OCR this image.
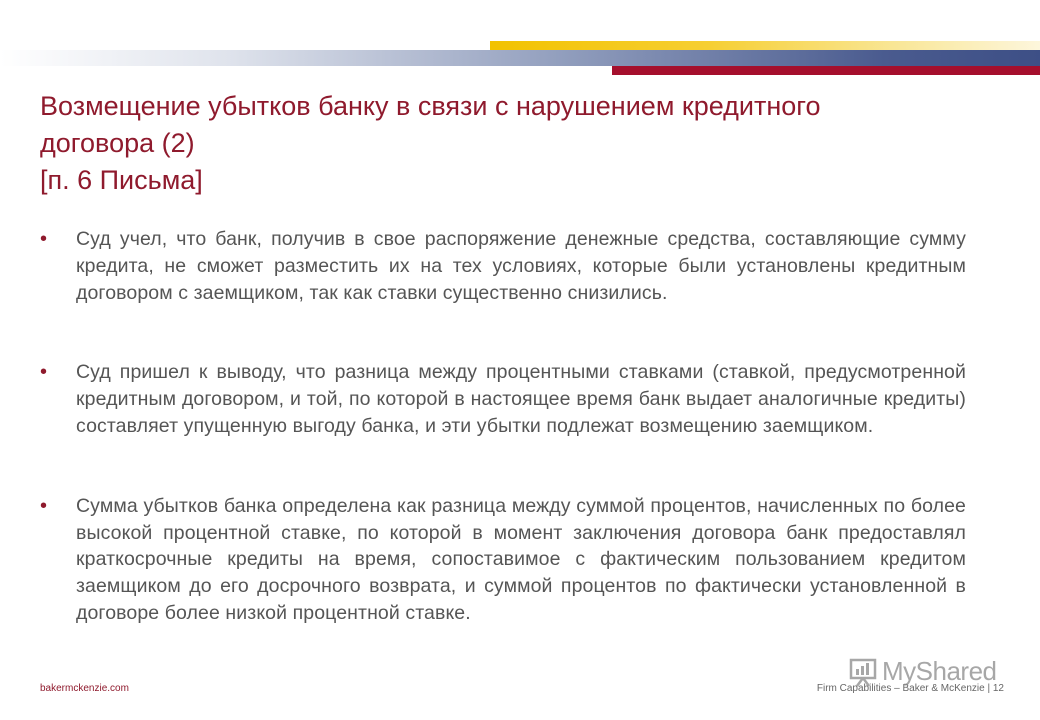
Возмещение убытков банку в связи с нарушением кредитного
договора (2)
[п. 6 Письма]
• Суд учел, что банк, получив в свое распоряжение денежные средства, составляющие сумму кредита, не сможет разместить их на тех условиях, которые были установлены кредитным договором с заемщиком, так как ставки существенно снизились.
• Суд пришел к выводу, что разница между процентными ставками (ставкой, предусмотренной кредитным договором, и той, по которой в настоящее время банк выдает аналогичные кредиты) составляет упущенную выгоду банка, и эти убытки подлежат возмещению заемщиком.
• Сумма убытков банка определена как разница между суммой процентов, начисленных по более высокой процентной ставке, по которой в момент заключения договора банк предоставлял краткосрочные кредиты на время, сопоставимое с фактическим пользованием кредитом заемщиком до его досрочного возврата, и суммой процентов по фактически установленной в договоре более низкой процентной ставке.
bakermckenzie.com	Firm Capabilities – Baker & McKenzie | 12
MyShared
